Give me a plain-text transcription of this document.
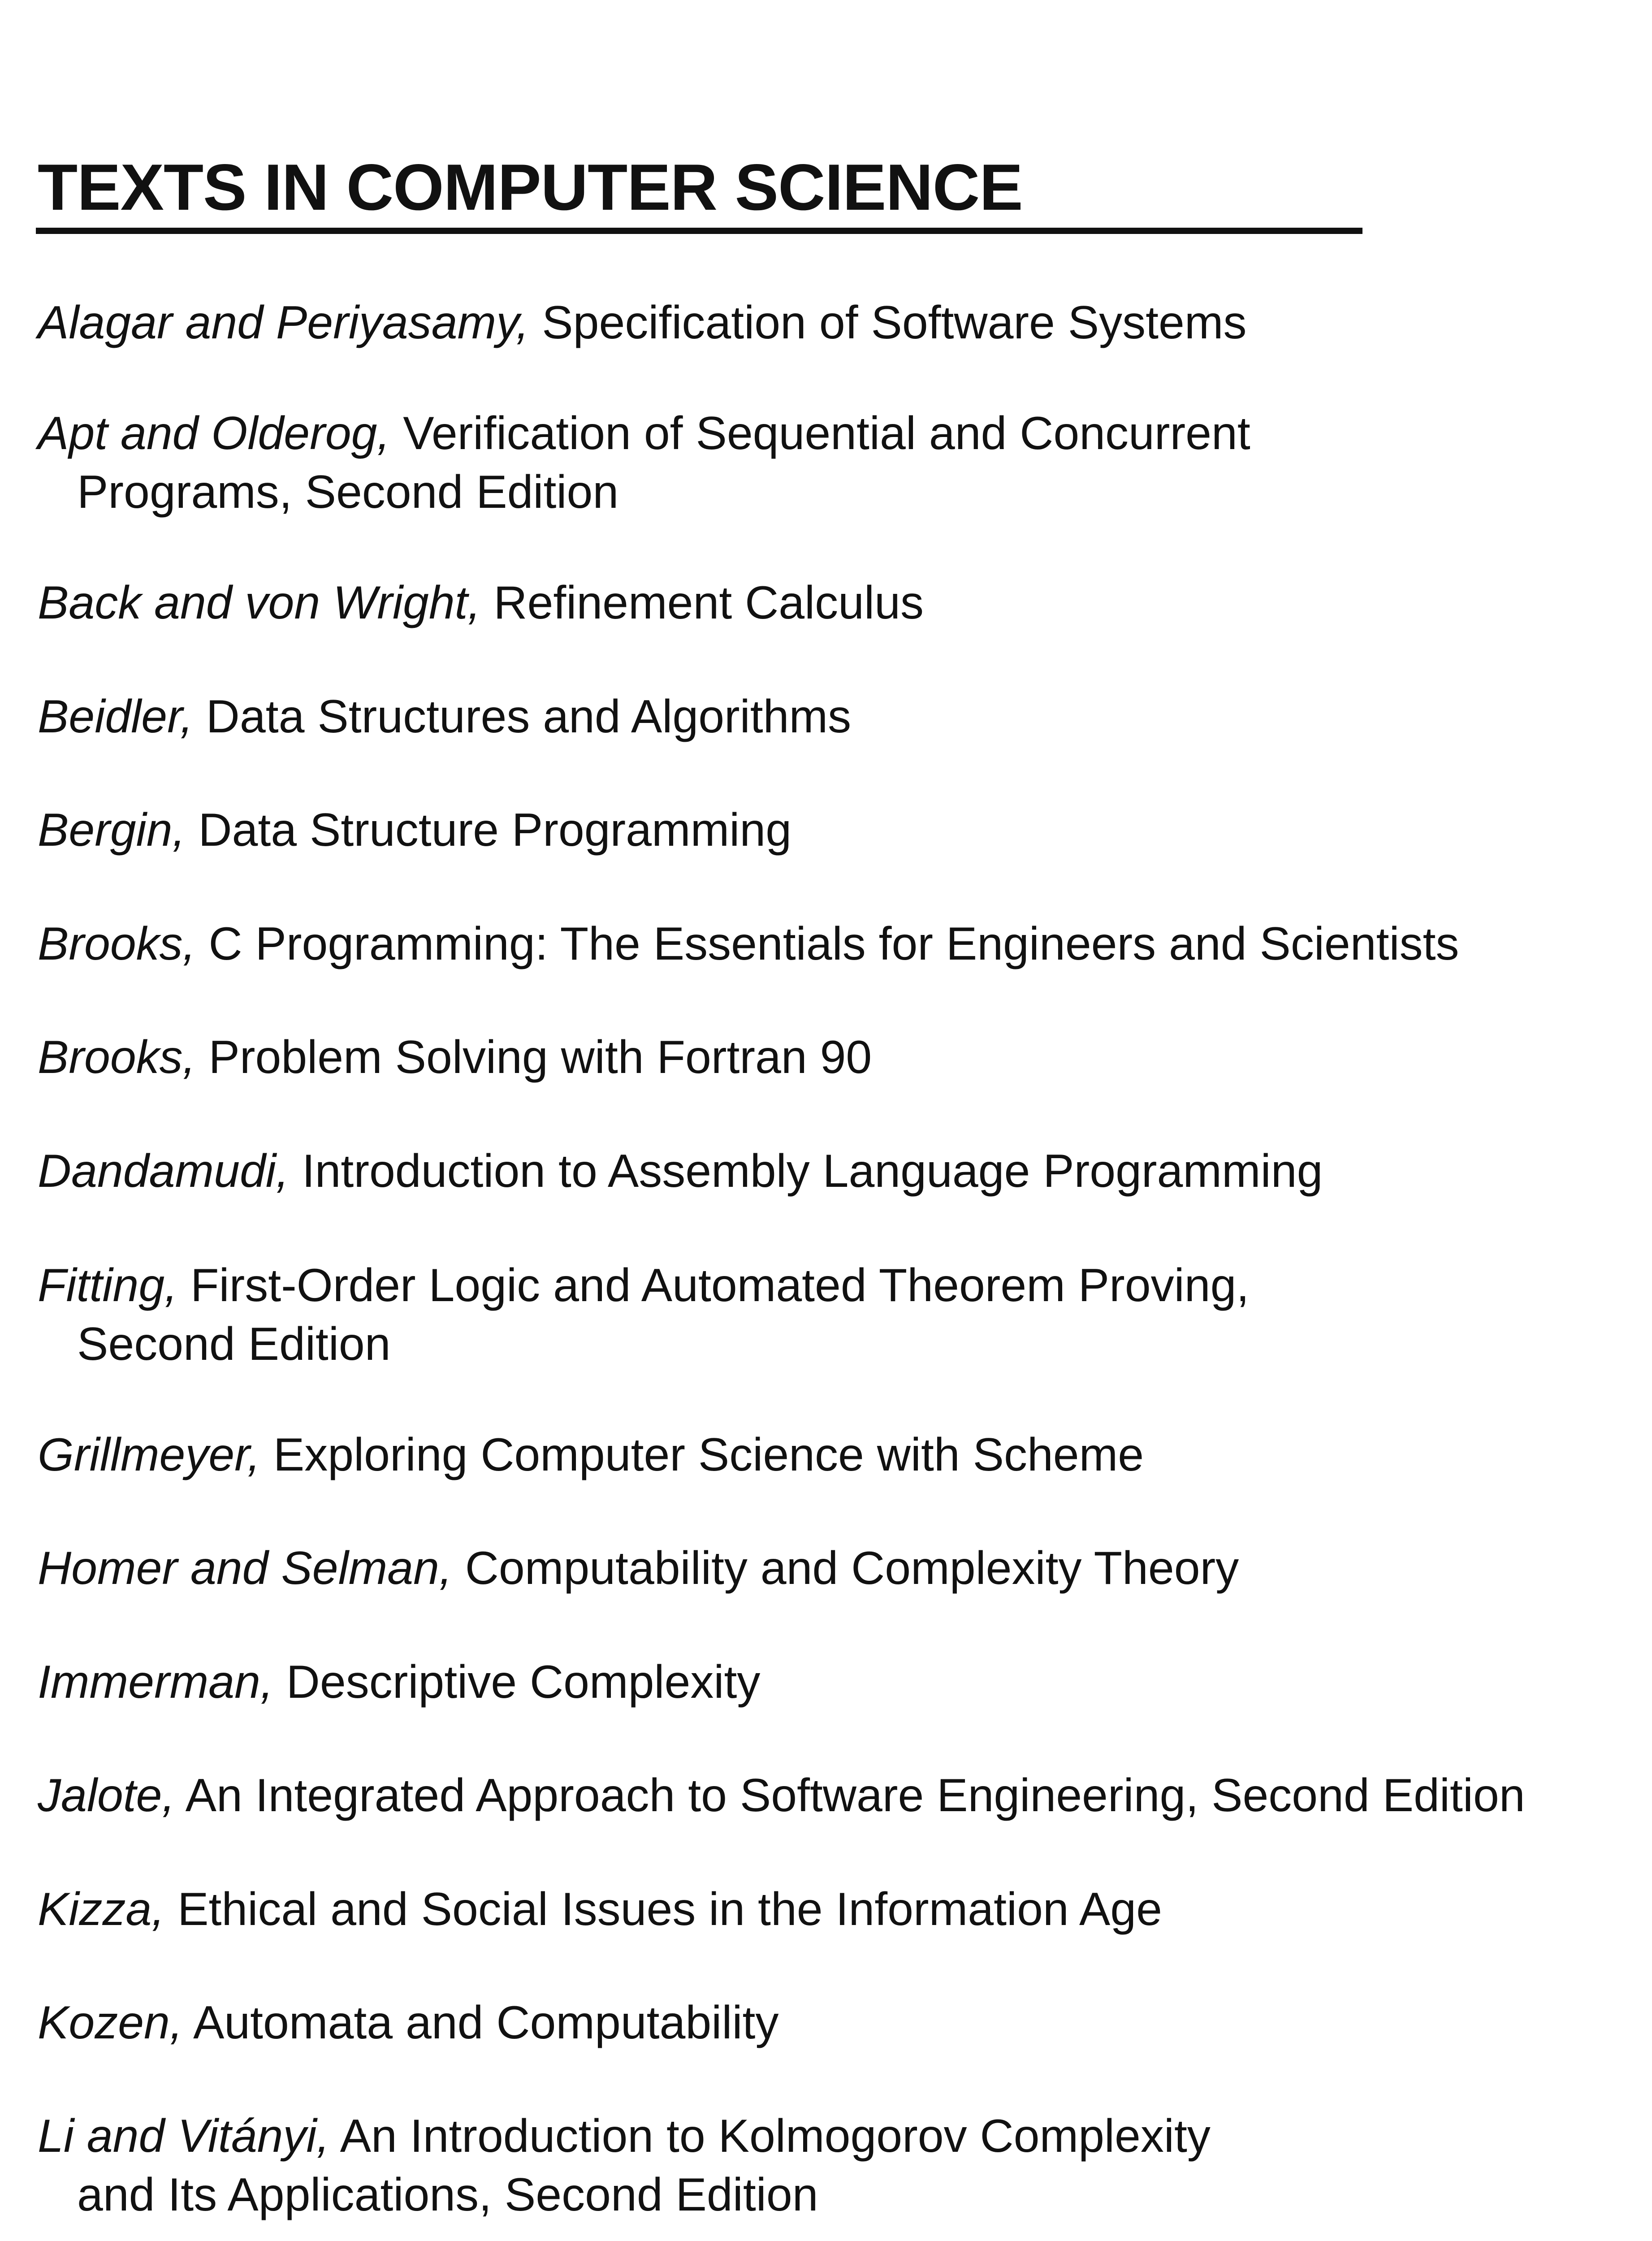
TEXTS IN COMPUTER SCIENCE
Alagar and Periyasamy, Specification of Software Systems
Apt and Olderog, Verification of Sequential and Concurrent
Programs, Second Edition
Back and von Wright, Refinement Calculus
Beidler, Data Structures and Algorithms
Bergin, Data Structure Programming
Brooks, C Programming: The Essentials for Engineers and Scientists
Brooks, Problem Solving with Fortran 90
Dandamudi, Introduction to Assembly Language Programming
Fitting, First-Order Logic and Automated Theorem Proving,
Second Edition
Grillmeyer, Exploring Computer Science with Scheme
Homer and Selman, Computability and Complexity Theory
Immerman, Descriptive Complexity
Jalote, An Integrated Approach to Software Engineering, Second Edition
Kizza, Ethical and Social Issues in the Information Age
Kozen, Automata and Computability
Li and Vitányi, An Introduction to Kolmogorov Complexity
and Its Applications, Second Edition
